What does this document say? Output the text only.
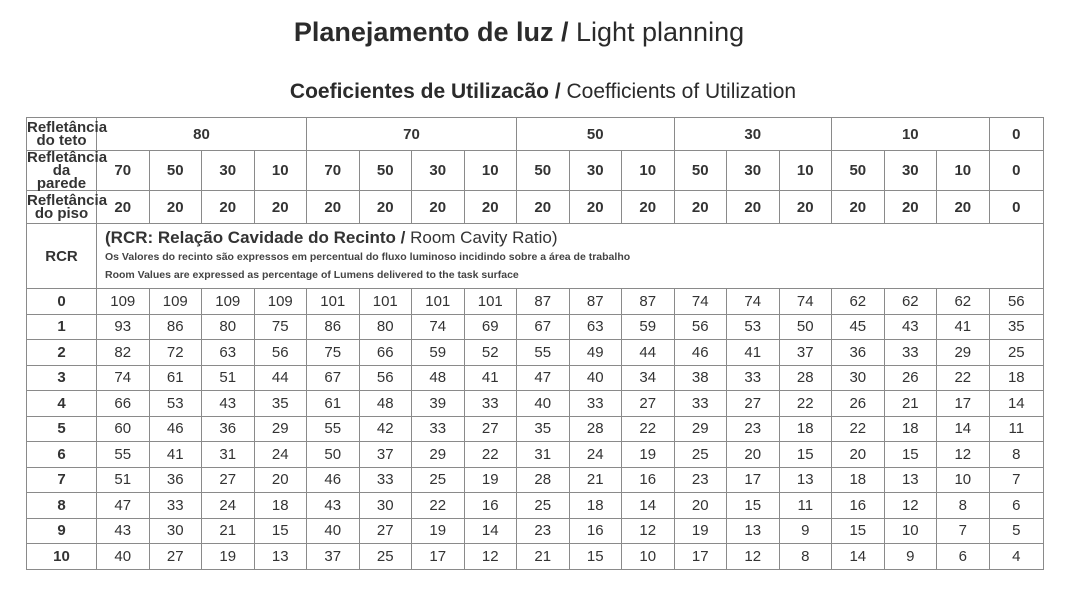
Planejamento de luz / Light planning
Coeficientes de Utilizacão / Coefficients of Utilization
Refletância do teto	80				70				50			30			10			0
Refletância da parede	70	50	30	10	70	50	30	10	50	30	10	50	30	10	50	30	10	0
Refletância do piso	20	20	20	20	20	20	20	20	20	20	20	20	20	20	20	20	20	0
RCR	(RCR: Relação Cavidade do Recinto / Room Cavity Ratio)
Os Valores do recinto são expressos em percentual do fluxo luminoso incidindo sobre a área de trabalho
Room Values are expressed as percentage of Lumens delivered to the task surface																	

0	109	109	109	109	101	101	101	101	87	87	87	74	74	74	62	62	62	56
1	93	86	80	75	86	80	74	69	67	63	59	56	53	50	45	43	41	35
2	82	72	63	56	75	66	59	52	55	49	44	46	41	37	36	33	29	25
3	74	61	51	44	67	56	48	41	47	40	34	38	33	28	30	26	22	18
4	66	53	43	35	61	48	39	33	40	33	27	33	27	22	26	21	17	14
5	60	46	36	29	55	42	33	27	35	28	22	29	23	18	22	18	14	11
6	55	41	31	24	50	37	29	22	31	24	19	25	20	15	20	15	12	8
7	51	36	27	20	46	33	25	19	28	21	16	23	17	13	18	13	10	7
8	47	33	24	18	43	30	22	16	25	18	14	20	15	11	16	12	8	6
9	43	30	21	15	40	27	19	14	23	16	12	19	13	9	15	10	7	5
10	40	27	19	13	37	25	17	12	21	15	10	17	12	8	14	9	6	4
